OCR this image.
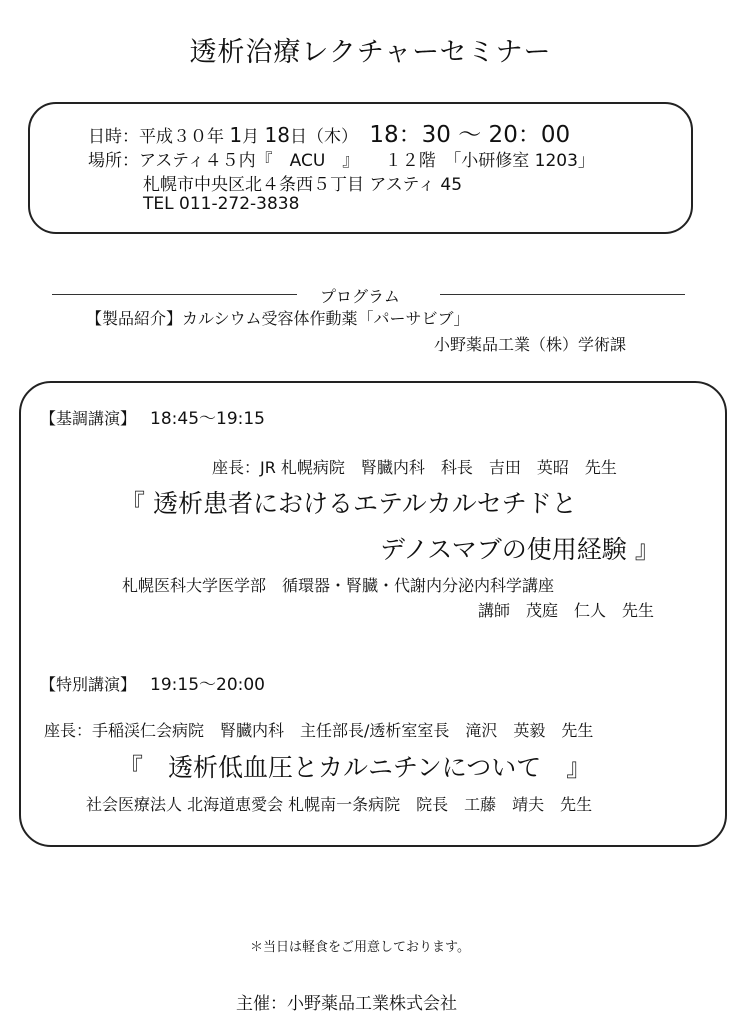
透析治療レクチャーセミナー
日時：平成３０年 1月 18日（木） 18：30 ～ 20：00
場所：アスティ４５内『　ACU　』　　１２階　「小研修室 1203」
札幌市中央区北４条西５丁目 アスティ 45
TEL 011-272-3838
プログラム
【製品紹介】カルシウム受容体作動薬「パーサビブ」
小野薬品工業（株）学術課
【基調講演】 18:45～19:15
座長：JR 札幌病院　腎臓内科　科長　吉田　英昭　先生
『 透析患者におけるエテルカルセチドと
デノスマブの使用経験 』
札幌医科大学医学部　循環器・腎臓・代謝内分泌内科学講座
講師　茂庭　仁人　先生
【特別講演】 19:15～20:00
座長：手稲渓仁会病院　腎臓内科　主任部長/透析室室長　滝沢　英毅　先生
『　透析低血圧とカルニチンについて　』
社会医療法人 北海道恵愛会 札幌南一条病院　院長　工藤　靖夫　先生
＊当日は軽食をご用意しております。
主催：小野薬品工業株式会社
